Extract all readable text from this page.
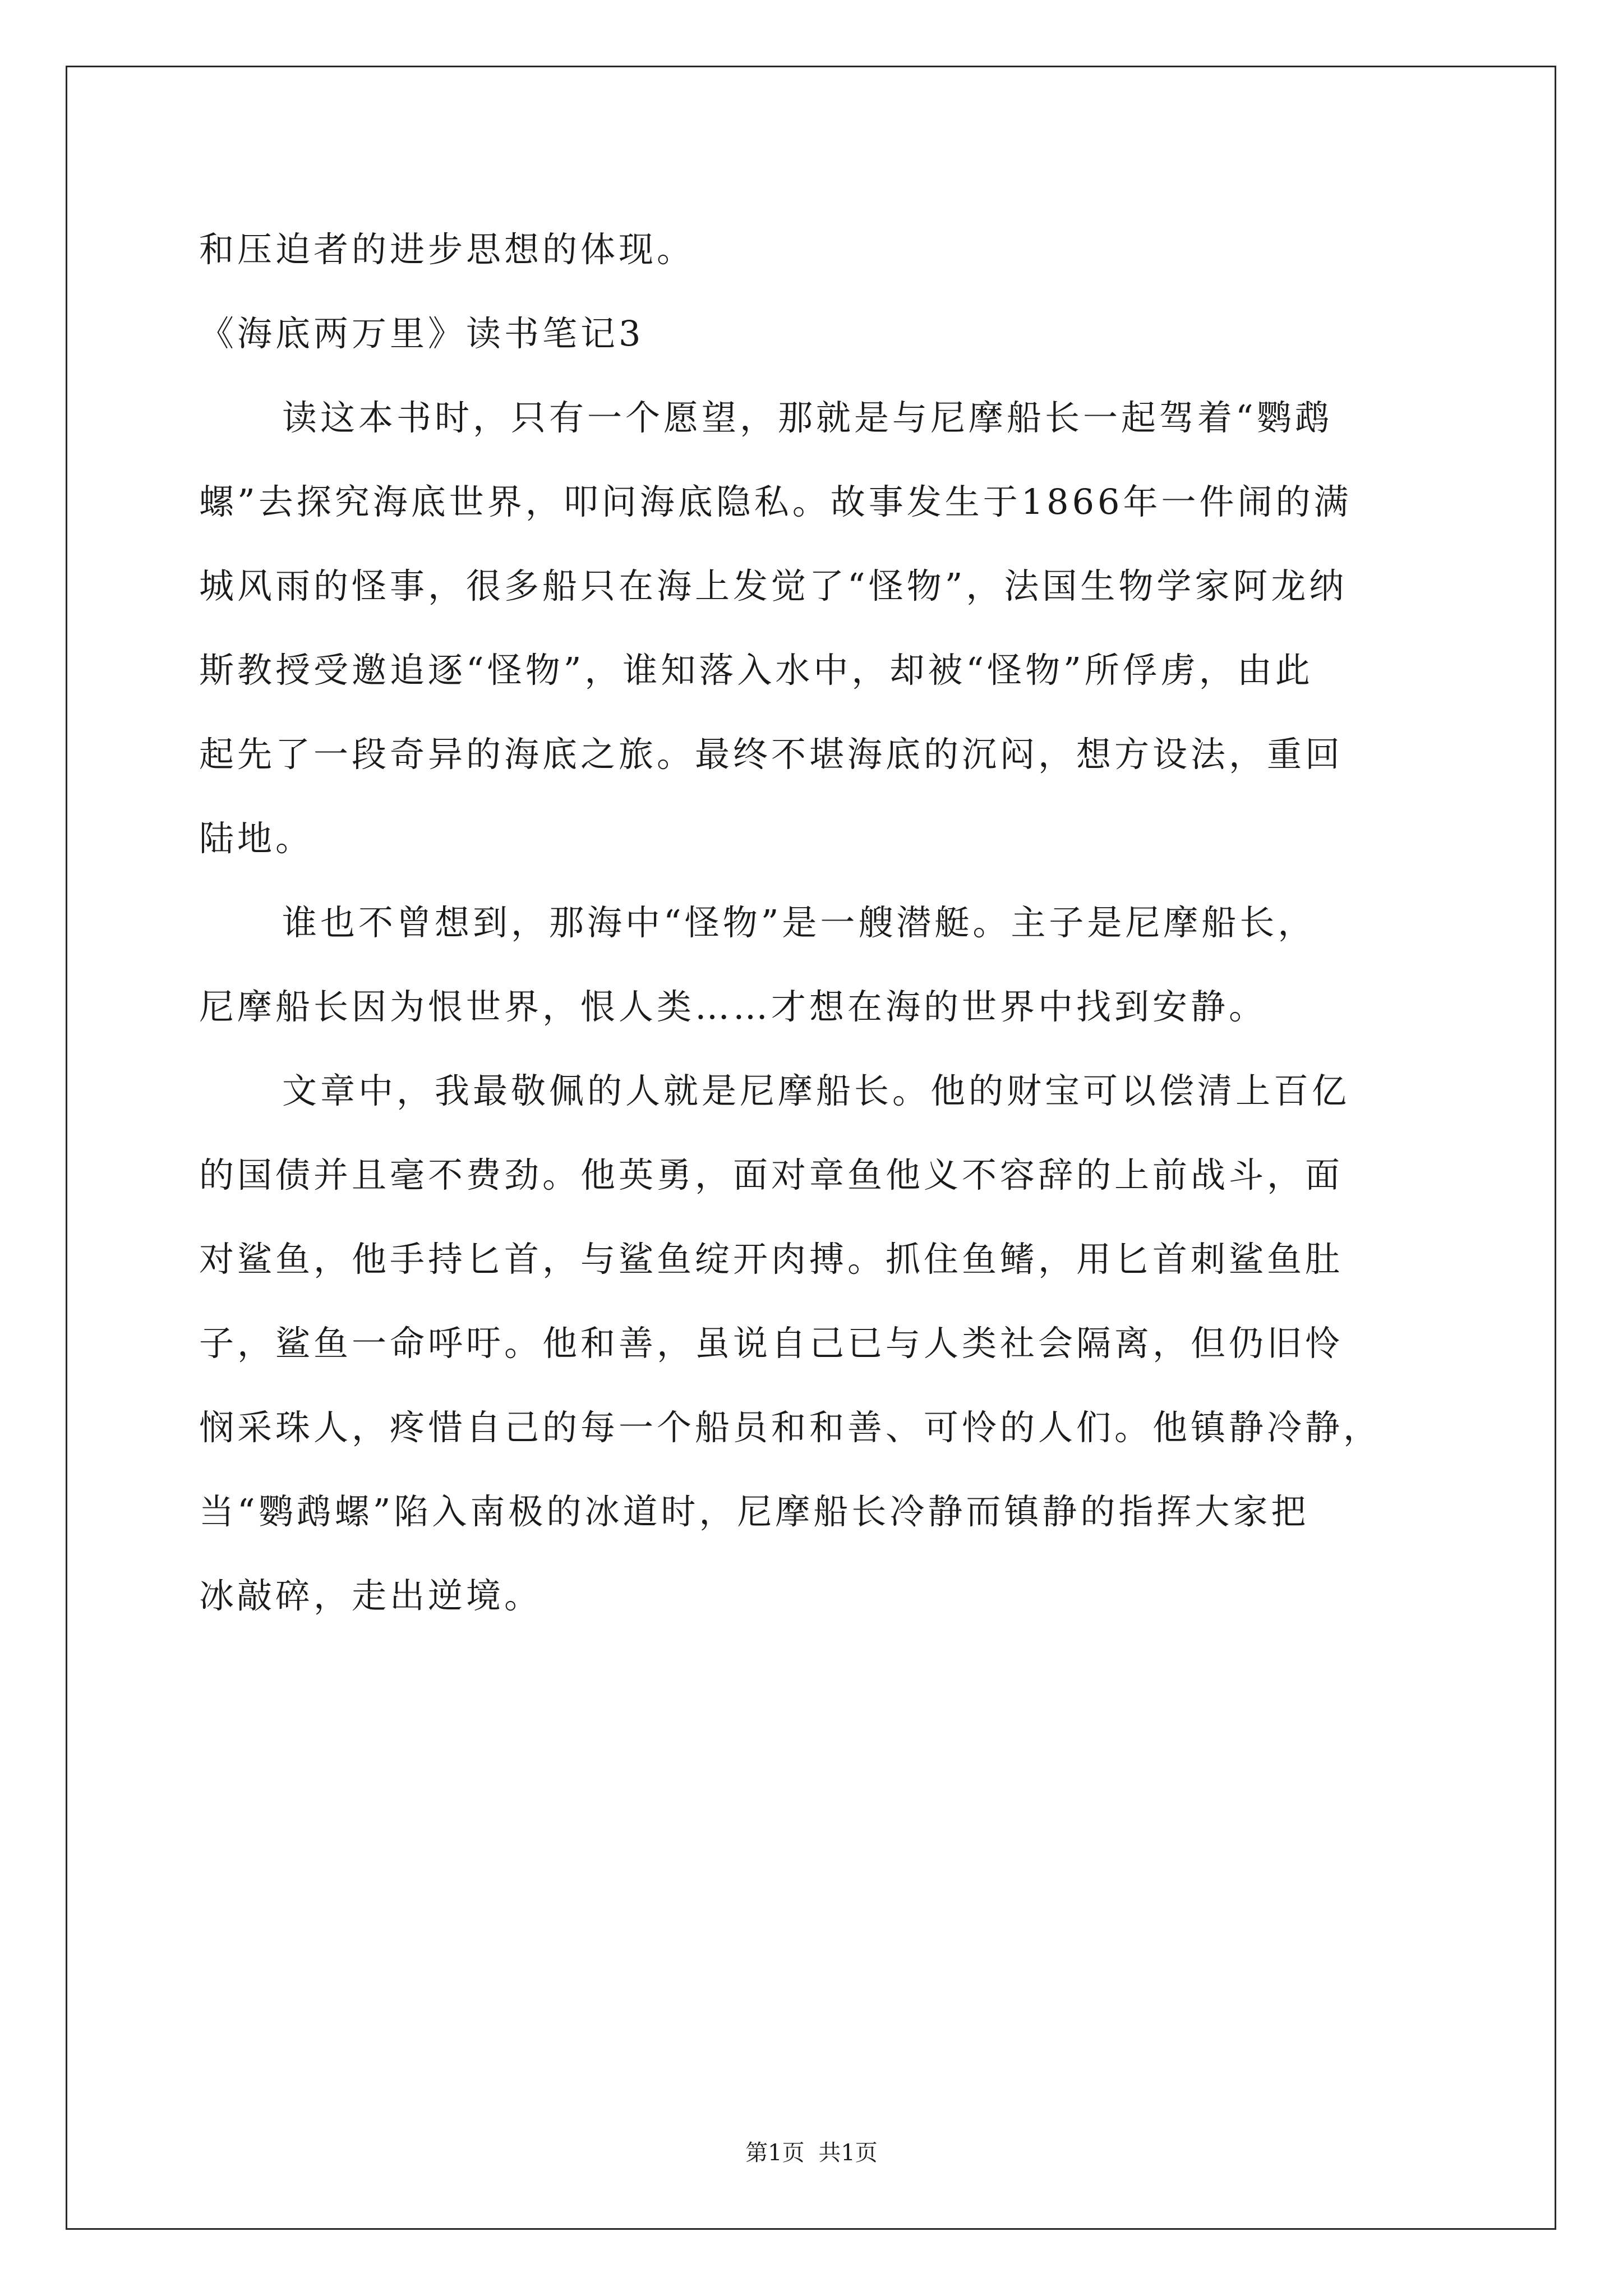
和压迫者的进步思想的体现。
《海底两万里》读书笔记3
读这本书时，只有一个愿望，那就是与尼摩船长一起驾着“鹦鹉
螺”去探究海底世界，叩问海底隐私。故事发生于1866年一件闹的满
城风雨的怪事，很多船只在海上发觉了“怪物”，法国生物学家阿龙纳
斯教授受邀追逐“怪物”，谁知落入水中，却被“怪物”所俘虏，由此
起先了一段奇异的海底之旅。最终不堪海底的沉闷，想方设法，重回
陆地。
谁也不曾想到，那海中“怪物”是一艘潜艇。主子是尼摩船长，
尼摩船长因为恨世界，恨人类……才想在海的世界中找到安静。
文章中，我最敬佩的人就是尼摩船长。他的财宝可以偿清上百亿
的国债并且毫不费劲。他英勇，面对章鱼他义不容辞的上前战斗，面
对鲨鱼，他手持匕首，与鲨鱼绽开肉搏。抓住鱼鳍，用匕首刺鲨鱼肚
子，鲨鱼一命呼吁。他和善，虽说自己已与人类社会隔离，但仍旧怜
悯采珠人，疼惜自己的每一个船员和和善、可怜的人们。他镇静冷静，
当“鹦鹉螺”陷入南极的冰道时，尼摩船长冷静而镇静的指挥大家把
冰敲碎，走出逆境。
第1页 共1页
